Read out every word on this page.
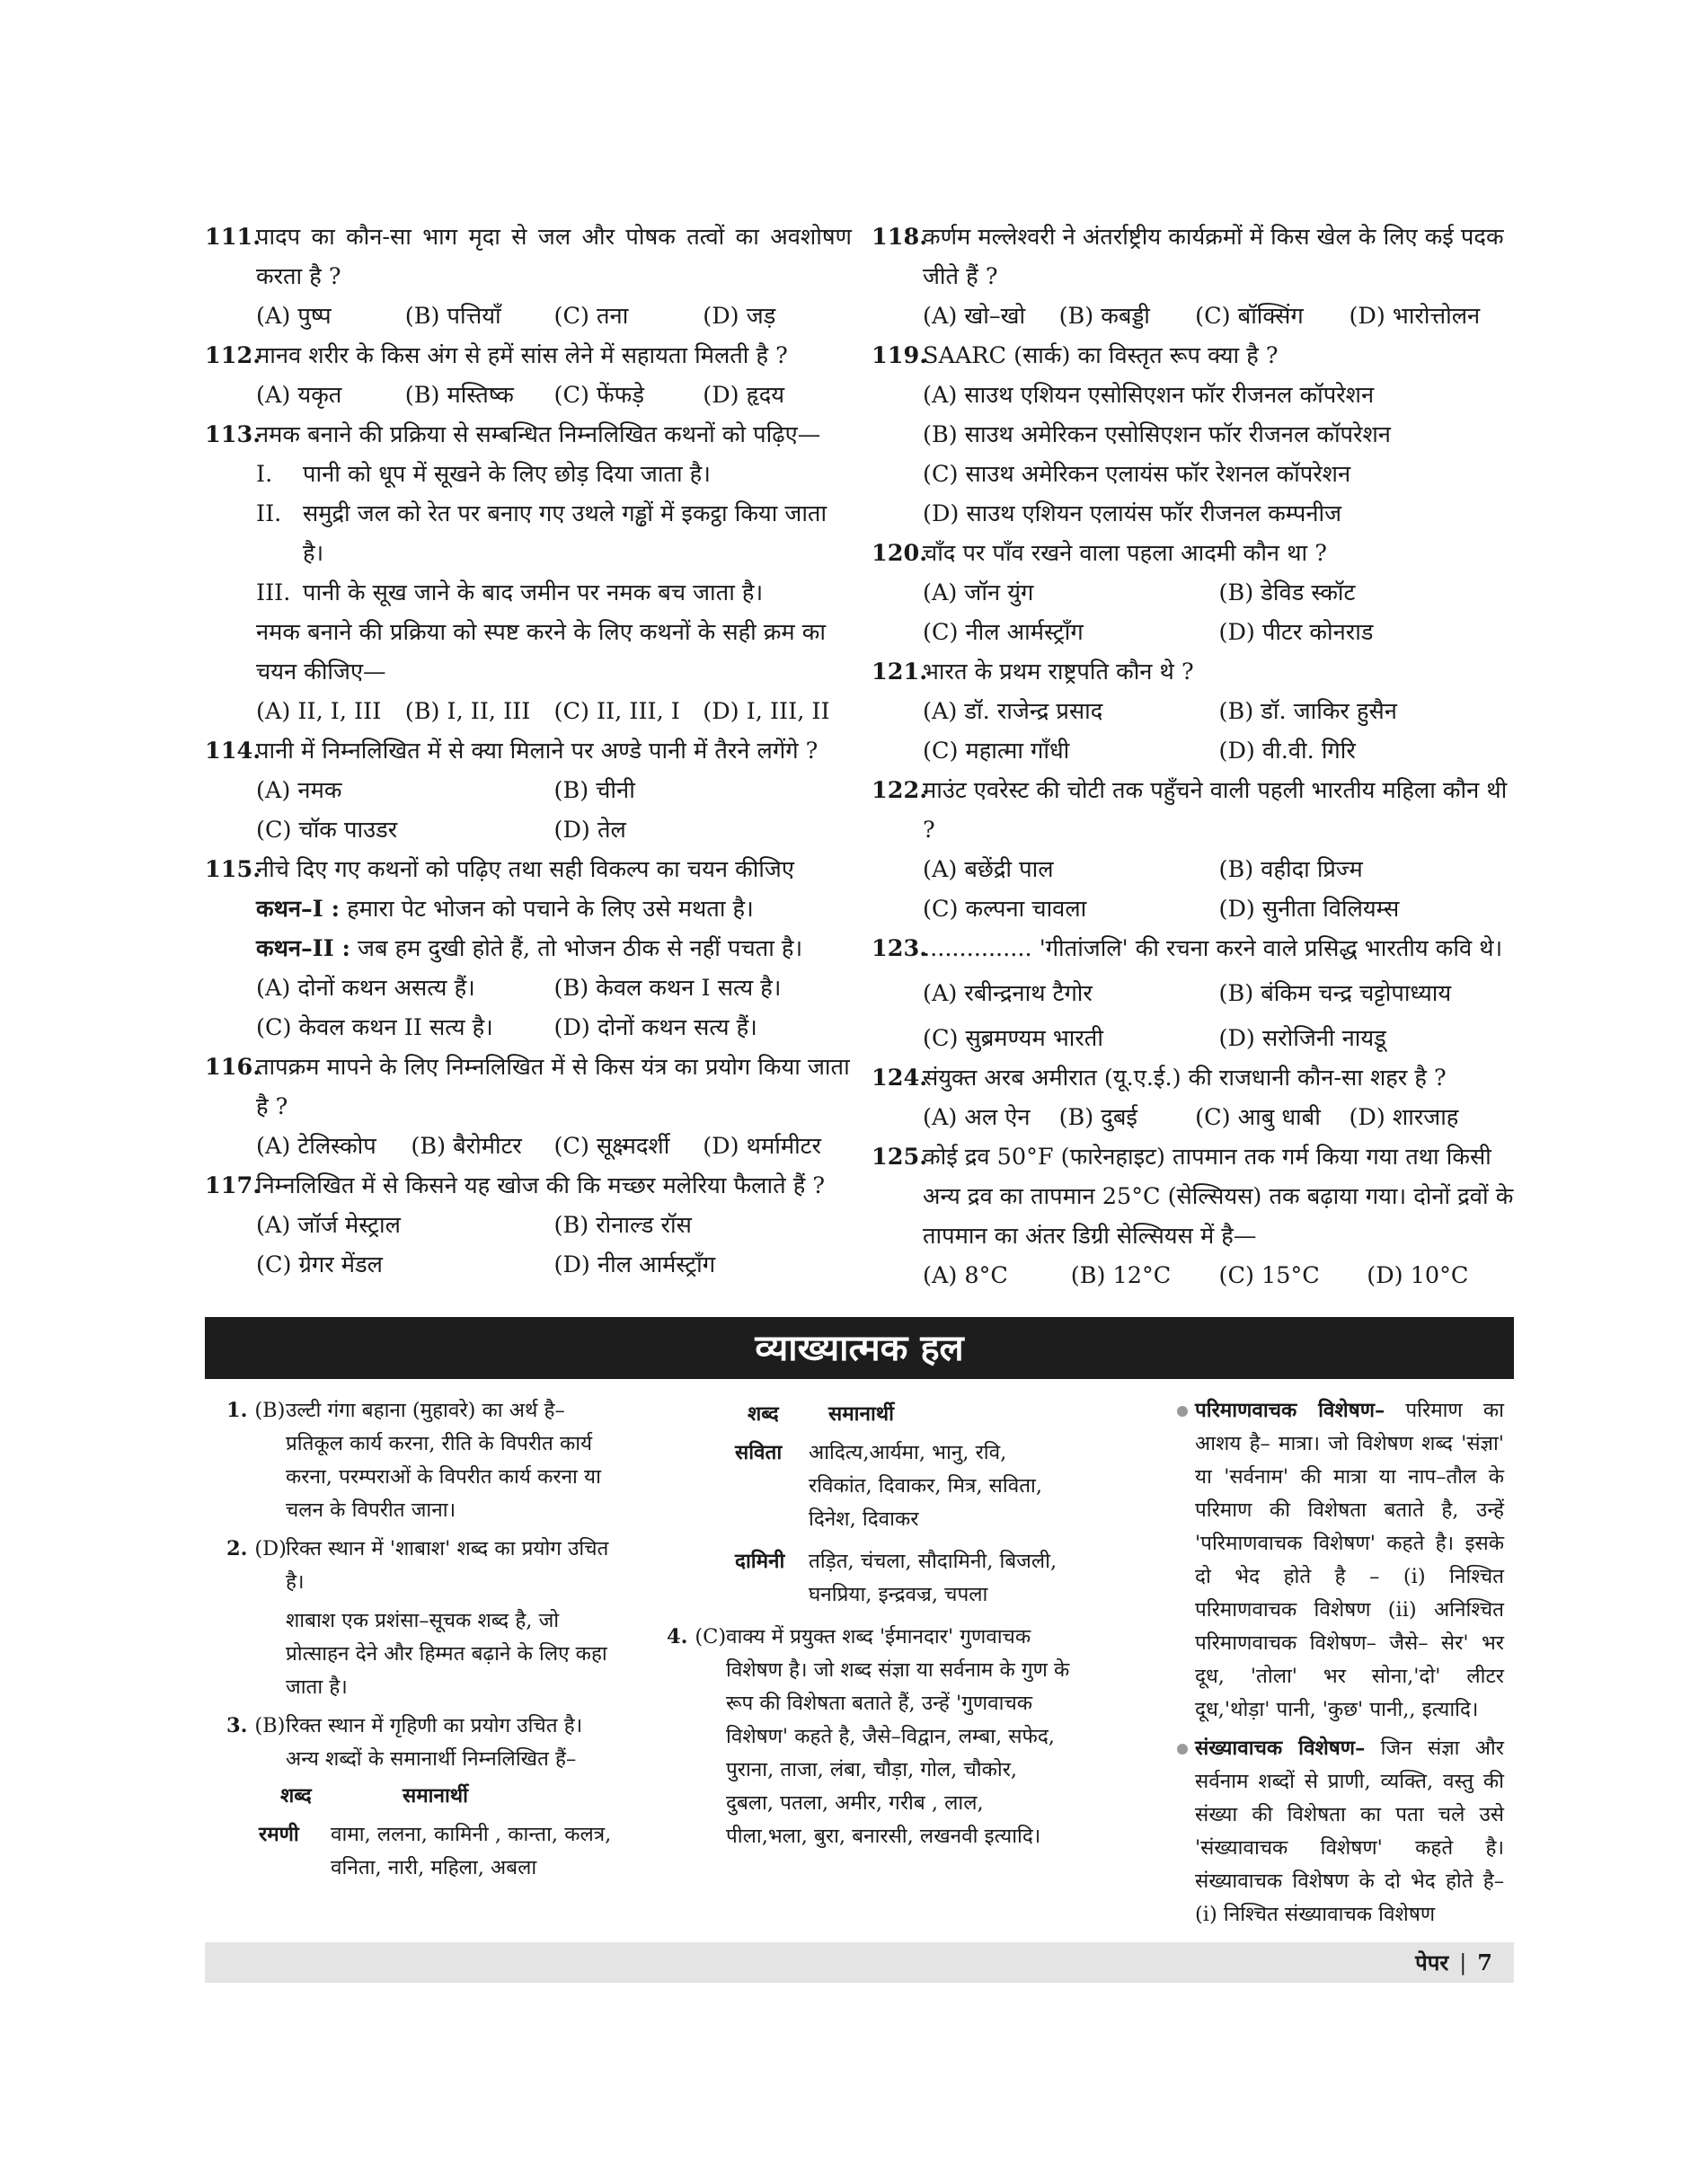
111.
पादप का कौन-सा भाग मृदा से जल और पोषक तत्वों का अवशोषण करता है ?
(A) पुष्प	(B) पत्तियाँ	(C) तना	(D) जड़
112.
मानव शरीर के किस अंग से हमें सांस लेने में सहायता मिलती है ?
(A) यकृत	(B) मस्तिष्क	(C) फेंफड़े	(D) हृदय
113.
नमक बनाने की प्रक्रिया से सम्बन्धित निम्नलिखित कथनों को पढ़िए—
I.	पानी को धूप में सूखने के लिए छोड़ दिया जाता है।
II. समुद्री जल को रेत पर बनाए गए उथले गड्ढों में इकट्ठा किया जाता है।
III. पानी के सूख जाने के बाद जमीन पर नमक बच जाता है।
नमक बनाने की प्रक्रिया को स्पष्ट करने के लिए कथनों के सही क्रम का चयन कीजिए—
(A) II, I, III	(B) I, II, III	(C) II, III, I (D) I, III, II
114.
पानी में निम्नलिखित में से क्या मिलाने पर अण्डे पानी में तैरने लगेंगे ?
(A) नमक	(B) चीनी
(C) चॉक पाउडर	(D) तेल
115.
नीचे दिए गए कथनों को पढ़िए तथा सही विकल्प का चयन कीजिए
कथन–I : हमारा पेट भोजन को पचाने के लिए उसे मथता है।
कथन–II : जब हम दुखी होते हैं, तो भोजन ठीक से नहीं पचता है।
(A) दोनों कथन असत्य हैं।	(B) केवल कथन I सत्य है।
(C) केवल कथन II सत्य है।	(D) दोनों कथन सत्य हैं।
116.
तापक्रम मापने के लिए निम्नलिखित में से किस यंत्र का प्रयोग किया जाता है ?
(A) टेलिस्कोप	(B) बैरोमीटर	(C) सूक्ष्मदर्शी	(D) थर्मामीटर
117.
निम्नलिखित में से किसने यह खोज की कि मच्छर मलेरिया फैलाते हैं ?
(A) जॉर्ज मेस्ट्राल	(B) रोनाल्ड रॉस
(C) ग्रेगर मेंडल	(D) नील आर्मस्ट्रॉंग
118.
कर्णम मल्लेश्वरी ने अंतर्राष्ट्रीय कार्यक्रमों में किस खेल के लिए कई पदक जीते हैं ?
(A) खो–खो	(B) कबड्डी	(C) बॉक्सिंग	(D) भारोत्तोलन
119.
SAARC (सार्क) का विस्तृत रूप क्या है ?
(A) साउथ एशियन एसोसिएशन फॉर रीजनल कॉपरेशन
(B) साउथ अमेरिकन एसोसिएशन फॉर रीजनल कॉपरेशन
(C) साउथ अमेरिकन एलायंस फॉर रेशनल कॉपरेशन
(D) साउथ एशियन एलायंस फॉर रीजनल कम्पनीज
120.
चाँद पर पाँव रखने वाला पहला आदमी कौन था ?
(A) जॉन युंग	(B) डेविड स्कॉट
(C) नील आर्मस्ट्रॉंग	(D) पीटर कोनराड
121.
भारत के प्रथम राष्ट्रपति कौन थे ?
(A) डॉ. राजेन्द्र प्रसाद	(B) डॉ. जाकिर हुसैन
(C) महात्मा गाँधी	(D) वी.वी. गिरि
122.
माउंट एवरेस्ट की चोटी तक पहुँचने वाली पहली भारतीय महिला कौन थी ?
(A) बछेंद्री पाल	(B) वहीदा प्रिज्म
(C) कल्पना चावला	(D) सुनीता विलियम्स
123.
............... 'गीतांजलि' की रचना करने वाले प्रसिद्ध भारतीय कवि थे।
(A) रबीन्द्रनाथ टैगोर	(B) बंकिम चन्द्र चट्टोपाध्याय
(C) सुब्रमण्यम भारती	(D) सरोजिनी नायडू
124.
संयुक्त अरब अमीरात (यू.ए.ई.) की राजधानी कौन-सा शहर है ?
(A) अल ऐन	(B) दुबई	(C) आबु धाबी	(D) शारजाह
125.
कोई द्रव 50°F (फारेनहाइट) तापमान तक गर्म किया गया तथा किसी अन्य द्रव का तापमान 25°C (सेल्सियस) तक बढ़ाया गया। दोनों द्रवों के तापमान का अंतर डिग्री सेल्सियस में है—
(A) 8°C	(B) 12°C	(C) 15°C	(D) 10°C
व्याख्यात्मक हल
1. (B) उल्टी गंगा बहाना (मुहावरे) का अर्थ है– प्रतिकूल कार्य करना, रीति के विपरीत कार्य करना, परम्पराओं के विपरीत कार्य करना या चलन के विपरीत जाना।
2. (D) रिक्त स्थान में 'शाबाश' शब्द का प्रयोग उचित है।
शाबाश एक प्रशंसा–सूचक शब्द है, जो प्रोत्साहन देने और हिम्मत बढ़ाने के लिए कहा जाता है।
3. (B) रिक्त स्थान में गृहिणी का प्रयोग उचित है। अन्य शब्दों के समानार्थी निम्नलिखित हैं–
शब्द	समानार्थी
रमणी	वामा, ललना, कामिनी , कान्ता, कलत्र, वनिता, नारी, महिला, अबला
शब्द	समानार्थी
सविता	आदित्य,आर्यमा, भानु, रवि, रविकांत, दिवाकर, मित्र, सविता, दिनेश, दिवाकर
दामिनी	तड़ित, चंचला, सौदामिनी, बिजली, घनप्रिया, इन्द्रवज्र, चपला
4. (C) वाक्य में प्रयुक्त शब्द 'ईमानदार' गुणवाचक विशेषण है। जो शब्द संज्ञा या सर्वनाम के गुण के रूप की विशेषता बताते हैं, उन्हें 'गुणवाचक विशेषण' कहते है, जैसे–विद्वान, लम्बा, सफेद, पुराना, ताजा, लंबा, चौड़ा, गोल, चौकोर, दुबला, पतला, अमीर, गरीब , लाल, पीला,भला, बुरा, बनारसी, लखनवी इत्यादि।

परिमाणवाचक विशेषण– परिमाण का आशय है– मात्रा। जो विशेषण शब्द 'संज्ञा' या 'सर्वनाम' की मात्रा या नाप–तौल के परिमाण की विशेषता बताते है, उन्हें 'परिमाणवाचक विशेषण' कहते है। इसके दो भेद होते है – (i) निश्चित परिमाणवाचक विशेषण (ii) अनिश्चित परिमाणवाचक विशेषण– जैसे– सेर' भर दूध, 'तोला' भर सोना,'दो' लीटर दूध,'थोड़ा' पानी, 'कुछ' पानी,, इत्यादि।

संख्यावाचक विशेषण– जिन संज्ञा और सर्वनाम शब्दों से प्राणी, व्यक्ति, वस्तु की संख्या की विशेषता का पता चले उसे 'संख्यावाचक विशेषण' कहते है। संख्यावाचक विशेषण के दो भेद होते है–(i) निश्चित संख्यावाचक विशेषण

पेपर | 7
